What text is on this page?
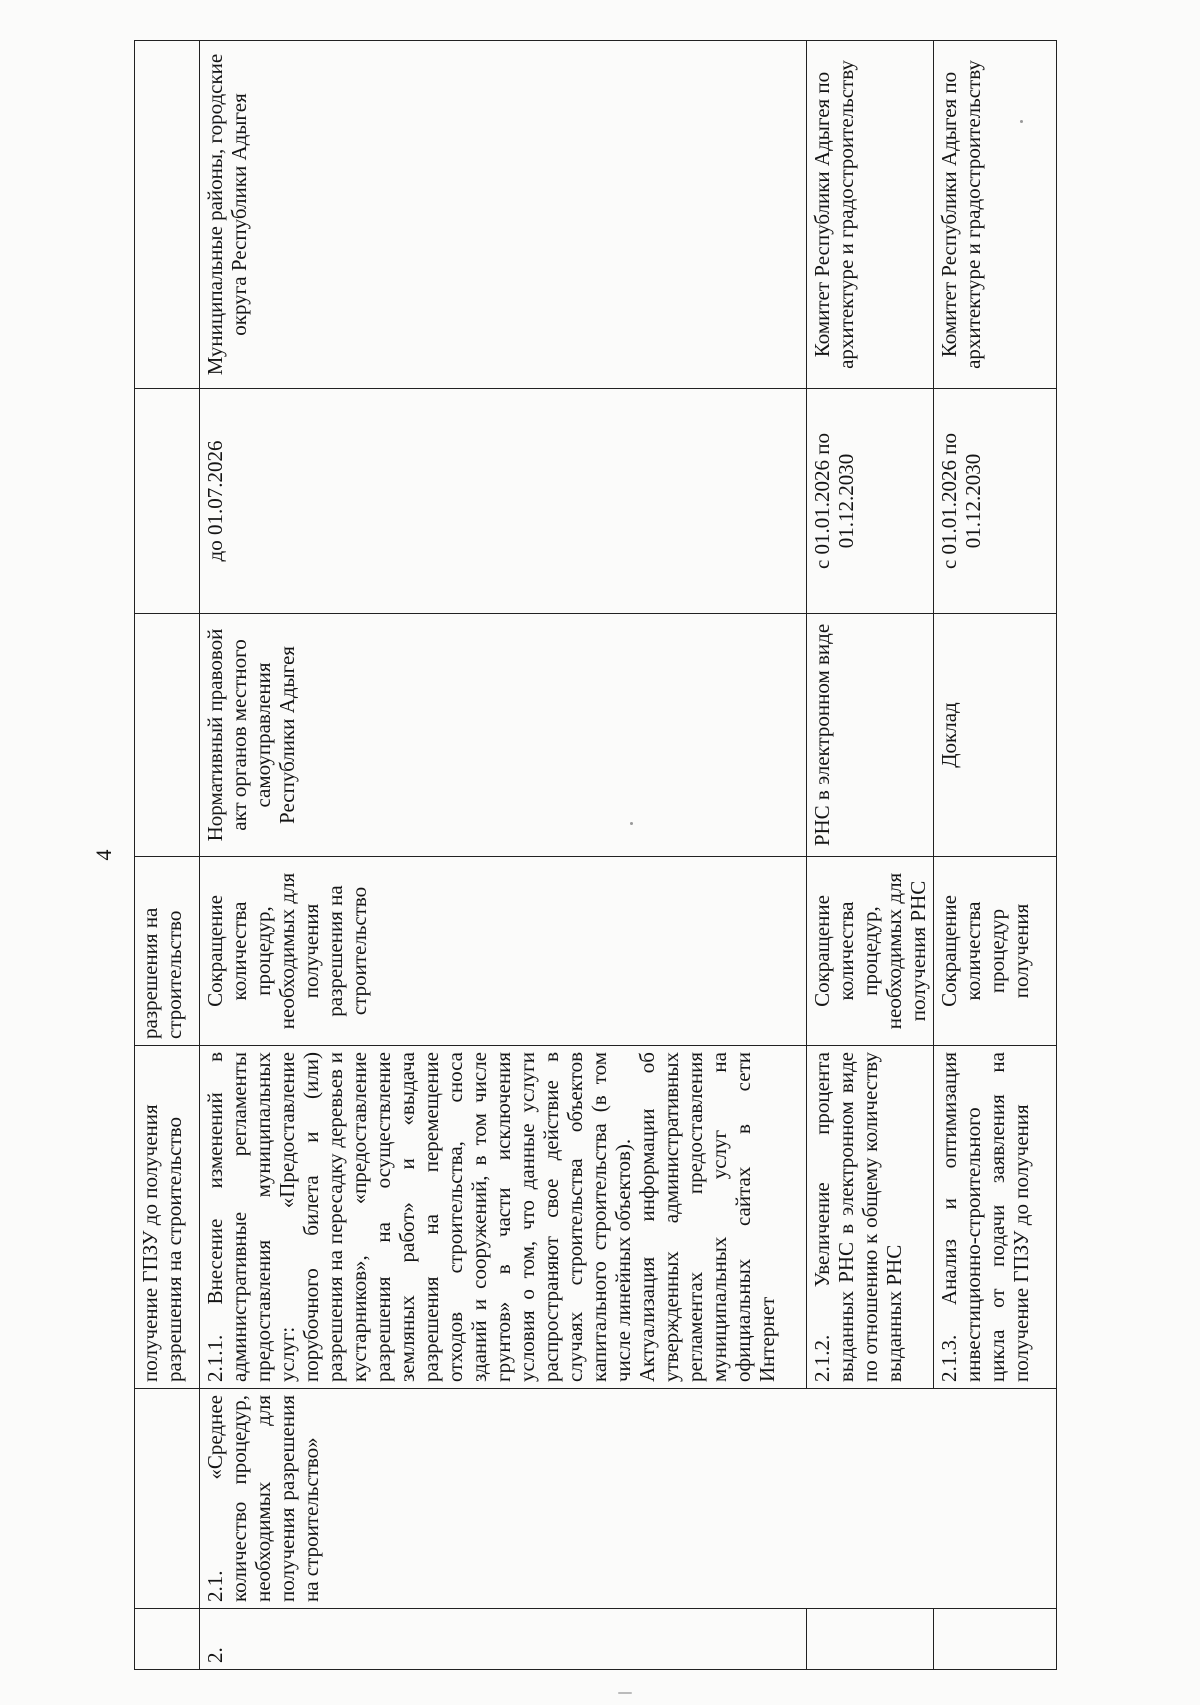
4
		получение ГПЗУ до получения разрешения на строительство	разрешения на строительство			
2.	2.1. «Среднее количество процедур, необходимых для получения разрешения на строительство»	2.1.1. Внесение изменений в административные регламенты предоставления муниципальных услуг: «Предоставление порубочного билета и (или) разрешения на пересадку деревьев и кустарников», «предоставление разрешения на осуществление земляных работ» и «выдача разрешения на перемещение отходов строительства, сноса зданий и сооружений, в том числе грунтов» в части исключения условия о том, что данные услуги распространяют свое действие в случаях строительства объектов капитального строительства (в том числе линейных объектов).
Актуализация информации об утвержденных административных регламентах предоставления муниципальных услуг на официальных сайтах в сети Интернет	Сокращение количества процедур, необходимых для получения разрешения на строительство	Нормативный правовой акт органов местного самоуправления Республики Адыгея	до 01.07.2026	Муниципальные районы, городские округа Республики Адыгея
		2.1.2. Увеличение процента выданных РНС в электронном виде по отношению к общему количеству выданных РНС	Сокращение количества процедур, необходимых для получения РНС	РНС в электронном виде	с 01.01.2026 по 01.12.2030	Комитет Республики Адыгея по архитектуре и градостроительству
		2.1.3. Анализ и оптимизация инвестиционно-строительного цикла от подачи заявления на получение ГПЗУ до получения	Сокращение количества процедур получения	Доклад	с 01.01.2026 по 01.12.2030	Комитет Республики Адыгея по архитектуре и градостроительству
